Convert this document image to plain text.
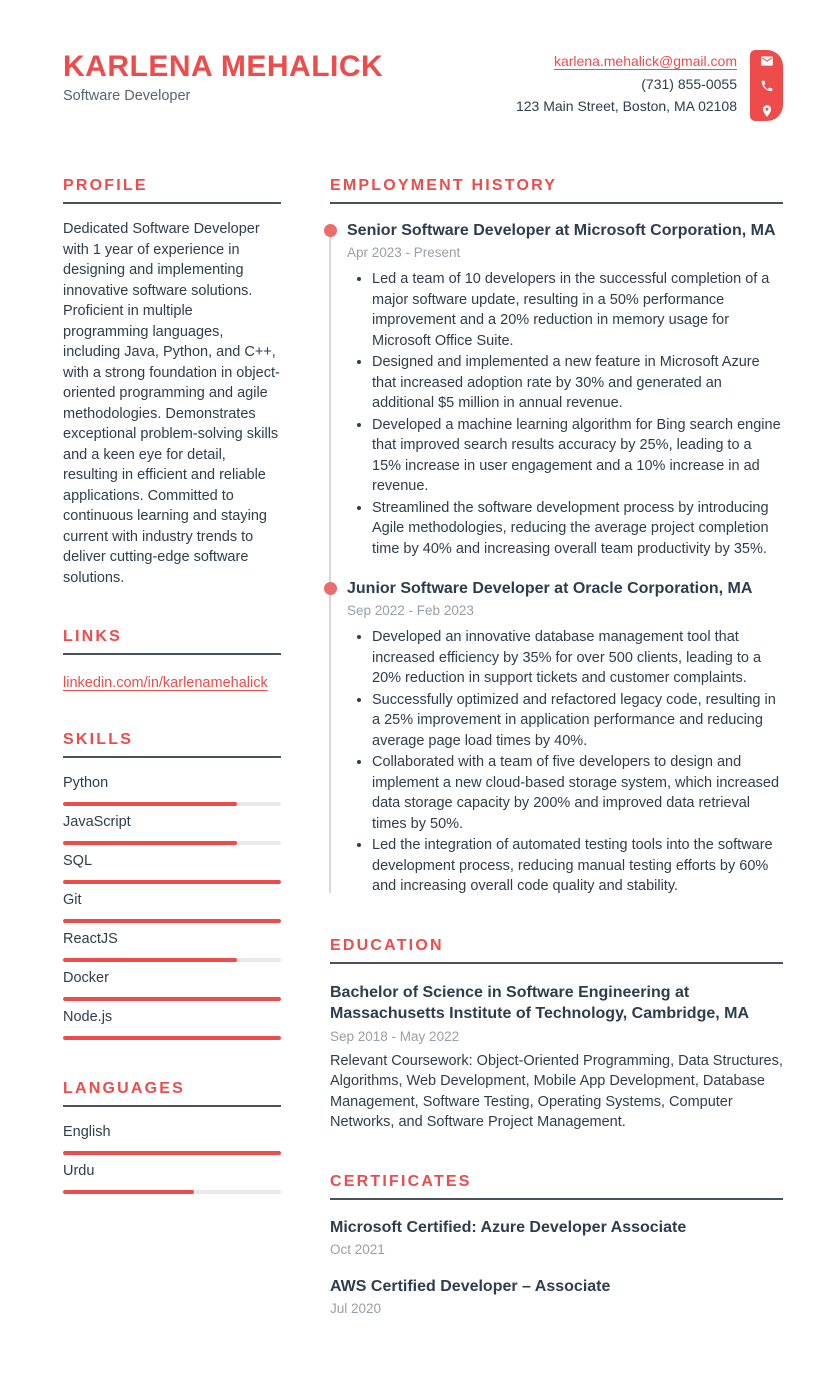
KARLENA MEHALICK
Software Developer
karlena.mehalick@gmail.com
(731) 855-0055
123 Main Street, Boston, MA 02108
PROFILE

Dedicated Software Developer with 1 year of experience in designing and implementing innovative software solutions. Proficient in multiple programming languages, including Java, Python, and C++, with a strong foundation in object-oriented programming and agile methodologies. Demonstrates exceptional problem-solving skills and a keen eye for detail, resulting in efficient and reliable applications. Committed to continuous learning and staying current with industry trends to deliver cutting-edge software solutions.

LINKS
linkedin.com/in/karlenamehalick
SKILLS
Python
JavaScript
SQL
Git
ReactJS
Docker
Node.js
LANGUAGES
English
Urdu
EMPLOYMENT HISTORY
Senior Software Developer at Microsoft Corporation, MA
Apr 2023 - Present
• Led a team of 10 developers in the successful completion of a major software update, resulting in a 50% performance improvement and a 20% reduction in memory usage for Microsoft Office Suite.
• Designed and implemented a new feature in Microsoft Azure that increased adoption rate by 30% and generated an additional $5 million in annual revenue.
• Developed a machine learning algorithm for Bing search engine that improved search results accuracy by 25%, leading to a 15% increase in user engagement and a 10% increase in ad revenue.
• Streamlined the software development process by introducing Agile methodologies, reducing the average project completion time by 40% and increasing overall team productivity by 35%.
Junior Software Developer at Oracle Corporation, MA
Sep 2022 - Feb 2023
• Developed an innovative database management tool that increased efficiency by 35% for over 500 clients, leading to a 20% reduction in support tickets and customer complaints.
• Successfully optimized and refactored legacy code, resulting in a 25% improvement in application performance and reducing average page load times by 40%.
• Collaborated with a team of five developers to design and implement a new cloud-based storage system, which increased data storage capacity by 200% and improved data retrieval times by 50%.
• Led the integration of automated testing tools into the software development process, reducing manual testing efforts by 60% and increasing overall code quality and stability.
EDUCATION
Bachelor of Science in Software Engineering at Massachusetts Institute of Technology, Cambridge, MA
Sep 2018 - May 2022

Relevant Coursework: Object-Oriented Programming, Data Structures, Algorithms, Web Development, Mobile App Development, Database Management, Software Testing, Operating Systems, Computer Networks, and Software Project Management.

CERTIFICATES
Microsoft Certified: Azure Developer Associate
Oct 2021
AWS Certified Developer – Associate
Jul 2020
